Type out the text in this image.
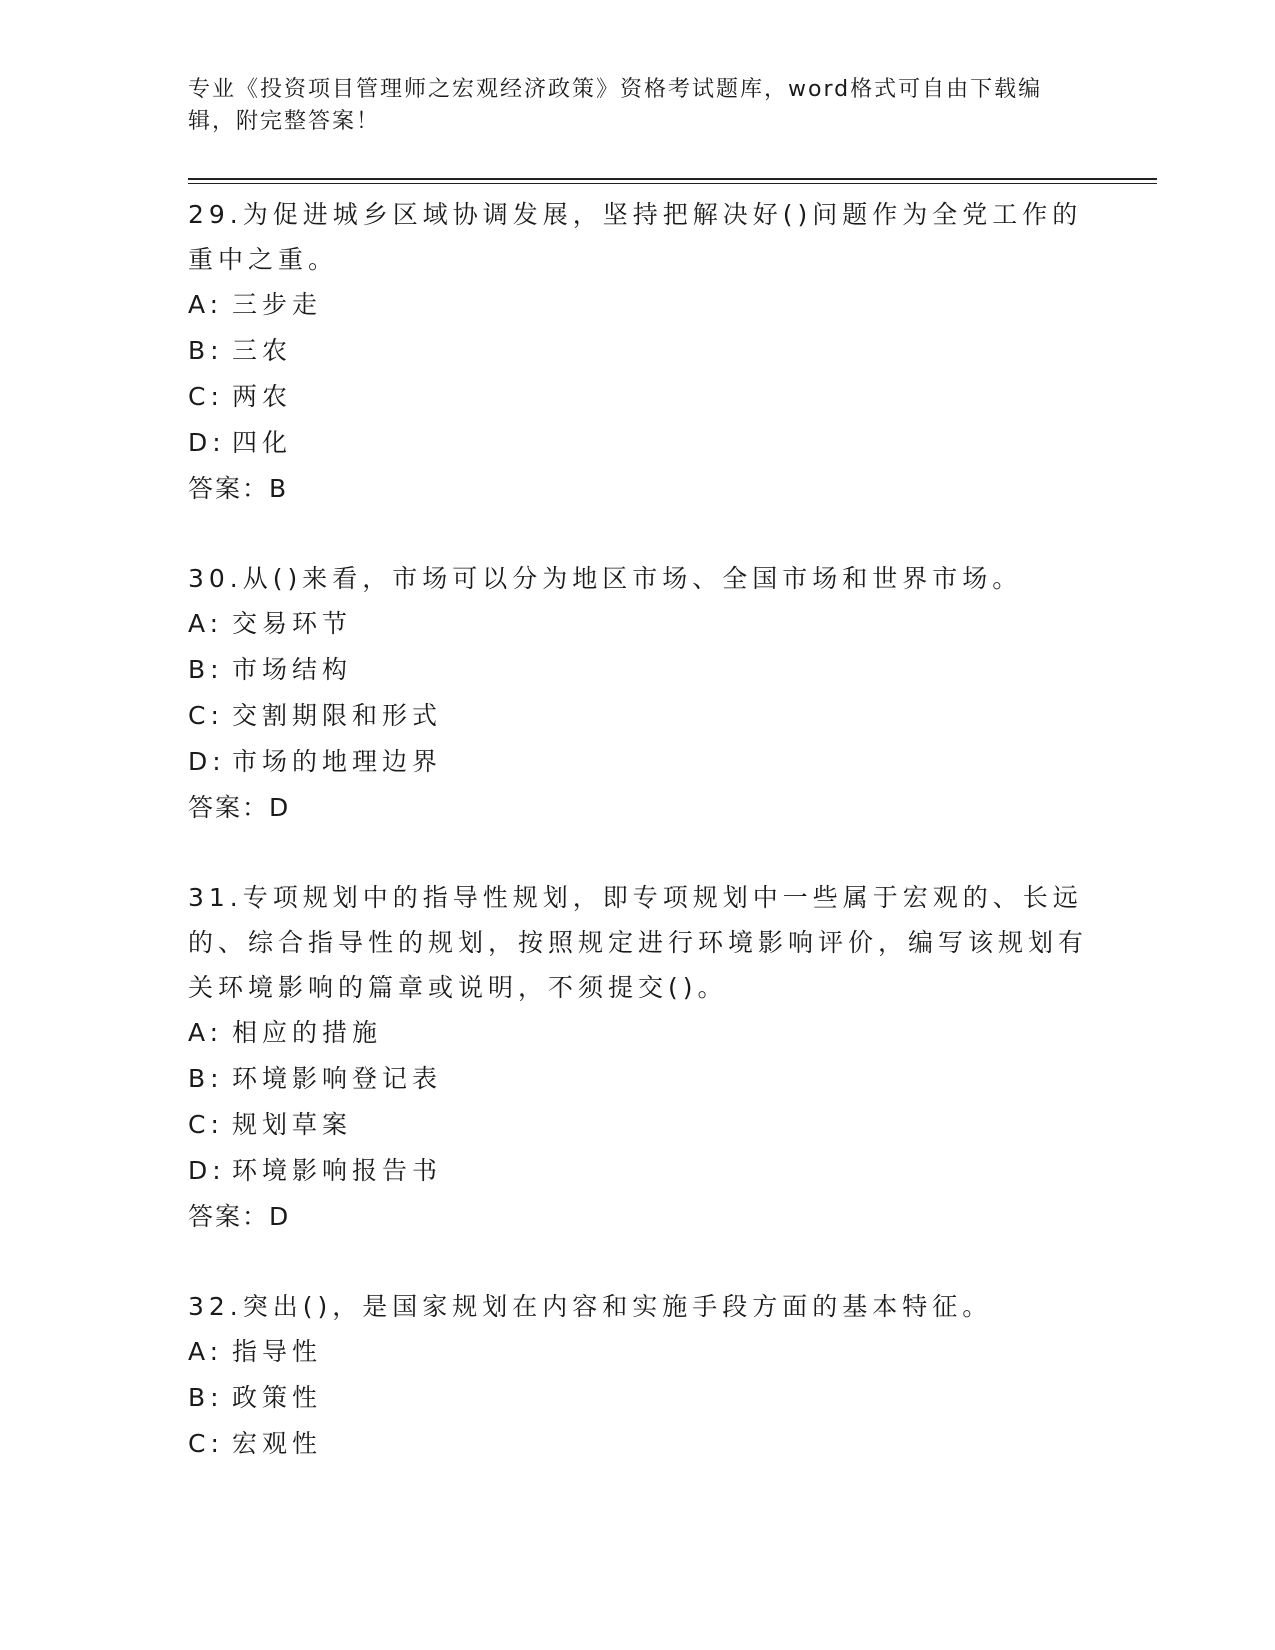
专业《投资项目管理师之宏观经济政策》资格考试题库，word格式可自由下载编辑，附完整答案！

29.为促进城乡区域协调发展，坚持把解决好()问题作为全党工作的重中之重。

A: 三步走
B: 三农
C: 两农
D: 四化
答案：B

30.从()来看，市场可以分为地区市场、全国市场和世界市场。

A: 交易环节
B: 市场结构
C: 交割期限和形式
D: 市场的地理边界
答案：D

31.专项规划中的指导性规划，即专项规划中一些属于宏观的、长远的、综合指导性的规划，按照规定进行环境影响评价，编写该规划有关环境影响的篇章或说明，不须提交()。

A: 相应的措施
B: 环境影响登记表
C: 规划草案
D: 环境影响报告书
答案：D

32.突出()，是国家规划在内容和实施手段方面的基本特征。

A: 指导性
B: 政策性
C: 宏观性
